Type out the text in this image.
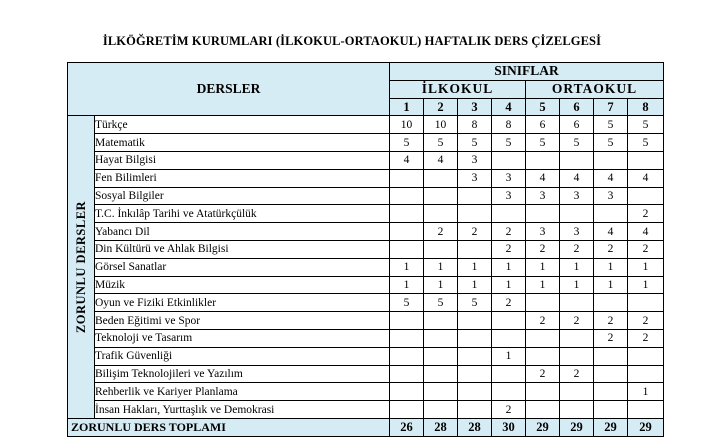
İLKÖĞRETİM KURUMLARI (İLKOKUL-ORTAOKUL) HAFTALIK DERS ÇİZELGESİ
DERSLER		SINIFLAR							
		İLKOKUL				ORTAOKUL			
		1	2	3	4	5	6	7	8

ZORUNLU DERSLER	Türkçe	10	10	8	8	6	6	5	5
	Matematik	5	5	5	5	5	5	5	5
	Hayat Bilgisi	4	4	3					
	Fen Bilimleri			3	3	4	4	4	4
	Sosyal Bilgiler				3	3	3	3	
	T.C. İnkılâp Tarihi ve Atatürkçülük								2
	Yabancı Dil		2	2	2	3	3	4	4
	Din Kültürü ve Ahlak Bilgisi				2	2	2	2	2
	Görsel Sanatlar	1	1	1	1	1	1	1	1
	Müzik	1	1	1	1	1	1	1	1
	Oyun ve Fiziki Etkinlikler	5	5	5	2				
	Beden Eğitimi ve Spor					2	2	2	2
	Teknoloji ve Tasarım							2	2
	Trafik Güvenliği				1				
	Bilişim Teknolojileri ve Yazılım					2	2		
	Rehberlik ve Kariyer Planlama								1
	İnsan Hakları, Yurttaşlık ve Demokrasi				2				
ZORUNLU DERS TOPLAMI		26	28	28	30	29	29	29	29
